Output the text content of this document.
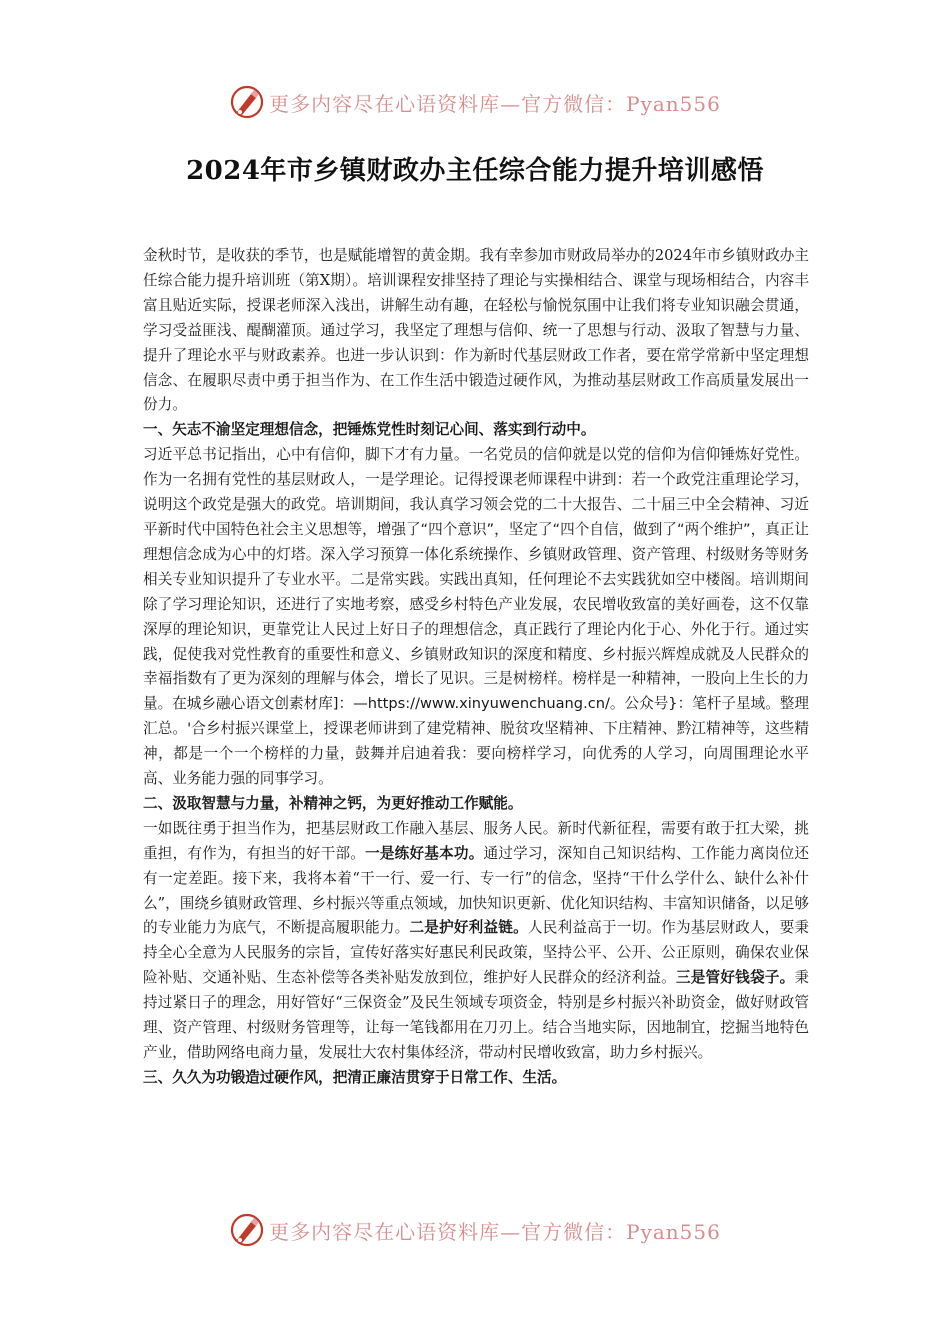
更多内容尽在心语资料库—官方微信：Pyan556
2024年市乡镇财政办主任综合能力提升培训感悟

金秋时节，是收获的季节，也是赋能增智的黄金期。我有幸参加市财政局举办的2024年市乡镇财政办主任综合能力提升培训班（第X期）。培训课程安排坚持了理论与实操相结合、课堂与现场相结合，内容丰富且贴近实际，授课老师深入浅出，讲解生动有趣，在轻松与愉悦氛围中让我们将专业知识融会贯通，学习受益匪浅、醍醐灌顶。通过学习，我坚定了理想与信仰、统一了思想与行动、汲取了智慧与力量、提升了理论水平与财政素养。也进一步认识到：作为新时代基层财政工作者，要在常学常新中坚定理想信念、在履职尽责中勇于担当作为、在工作生活中锻造过硬作风，为推动基层财政工作高质量发展出一份力。

一、矢志不渝坚定理想信念，把锤炼党性时刻记心间、落实到行动中。

习近平总书记指出，心中有信仰，脚下才有力量。一名党员的信仰就是以党的信仰为信仰锤炼好党性。作为一名拥有党性的基层财政人，一是学理论。记得授课老师课程中讲到：若一个政党注重理论学习，说明这个政党是强大的政党。培训期间，我认真学习领会党的二十大报告、二十届三中全会精神、习近平新时代中国特色社会主义思想等，增强了“四个意识”，坚定了“四个自信，做到了“两个维护”，真正让理想信念成为心中的灯塔。深入学习预算一体化系统操作、乡镇财政管理、资产管理、村级财务等财务相关专业知识提升了专业水平。二是常实践。实践出真知，任何理论不去实践犹如空中楼阁。培训期间除了学习理论知识，还进行了实地考察，感受乡村特色产业发展，农民增收致富的美好画卷，这不仅靠深厚的理论知识，更靠党让人民过上好日子的理想信念，真正践行了理论内化于心、外化于行。通过实践，促使我对党性教育的重要性和意义、乡镇财政知识的深度和精度、乡村振兴辉煌成就及人民群众的幸福指数有了更为深刻的理解与体会，增长了见识。三是树榜样。榜样是一种精神，一股向上生长的力量。在城乡融心语文创素材库]：—https://www.xinyuwenchuang.cn/。公众号}：笔杆子星域。整理汇总。'合乡村振兴课堂上，授课老师讲到了建党精神、脱贫攻坚精神、下庄精神、黔江精神等，这些精神，都是一个一个榜样的力量，鼓舞并启迪着我：要向榜样学习，向优秀的人学习，向周围理论水平高、业务能力强的同事学习。

二、汲取智慧与力量，补精神之钙，为更好推动工作赋能。

一如既往勇于担当作为，把基层财政工作融入基层、服务人民。新时代新征程，需要有敢于扛大梁，挑重担，有作为，有担当的好干部。一是练好基本功。通过学习，深知自己知识结构、工作能力离岗位还有一定差距。接下来，我将本着“干一行、爱一行、专一行”的信念，坚持“干什么学什么、缺什么补什么”，围绕乡镇财政管理、乡村振兴等重点领域，加快知识更新、优化知识结构、丰富知识储备，以足够的专业能力为底气，不断提高履职能力。二是护好利益链。人民利益高于一切。作为基层财政人，要秉持全心全意为人民服务的宗旨，宣传好落实好惠民利民政策，坚持公平、公开、公正原则，确保农业保险补贴、交通补贴、生态补偿等各类补贴发放到位，维护好人民群众的经济利益。三是管好钱袋子。秉持过紧日子的理念，用好管好“三保资金”及民生领域专项资金，特别是乡村振兴补助资金，做好财政管理、资产管理、村级财务管理等，让每一笔钱都用在刀刃上。结合当地实际，因地制宜，挖掘当地特色产业，借助网络电商力量，发展壮大农村集体经济，带动村民增收致富，助力乡村振兴。

三、久久为功锻造过硬作风，把清正廉洁贯穿于日常工作、生活。

更多内容尽在心语资料库—官方微信：Pyan556
